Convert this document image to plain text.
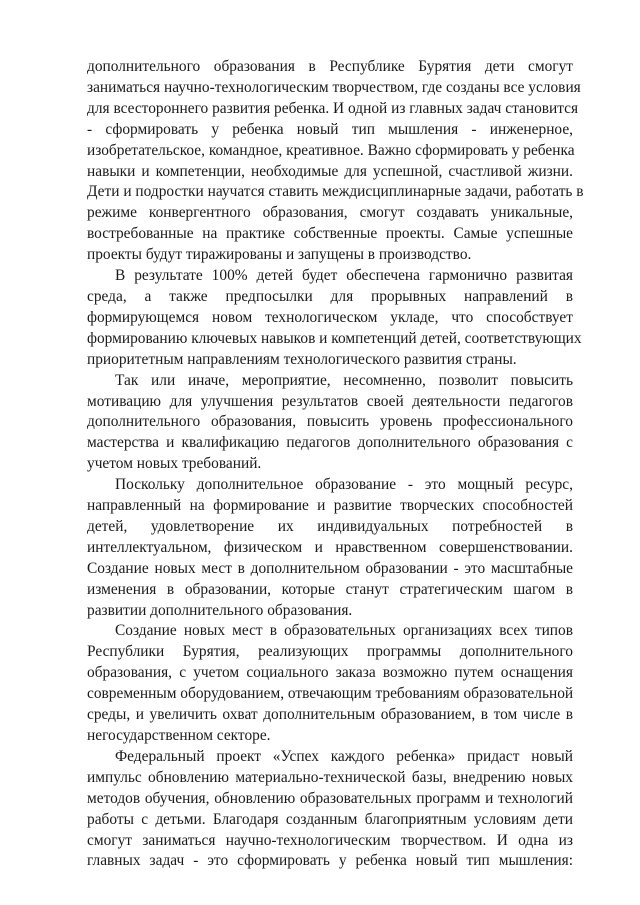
дополнительного образования в Республике Бурятия дети смогут
заниматься научно-технологическим творчеством, где созданы все условия
для всестороннего развития ребенка. И одной из главных задач становится
- сформировать у ребенка новый тип мышления - инженерное,
изобретательское, командное, креативное. Важно сформировать у ребенка
навыки и компетенции, необходимые для успешной, счастливой жизни.
Дети и подростки научатся ставить междисциплинарные задачи, работать в
режиме конвергентного образования, смогут создавать уникальные,
востребованные на практике собственные проекты. Самые успешные
проекты будут тиражированы и запущены в производство.
В результате 100% детей будет обеспечена гармонично развитая
среда, а также предпосылки для прорывных направлений в
формирующемся новом технологическом укладе, что способствует
формированию ключевых навыков и компетенций детей, соответствующих
приоритетным направлениям технологического развития страны.
Так или иначе, мероприятие, несомненно, позволит повысить
мотивацию для улучшения результатов своей деятельности педагогов
дополнительного образования, повысить уровень профессионального
мастерства и квалификацию педагогов дополнительного образования с
учетом новых требований.
Поскольку дополнительное образование - это мощный ресурс,
направленный на формирование и развитие творческих способностей
детей, удовлетворение их индивидуальных потребностей в
интеллектуальном, физическом и нравственном совершенствовании.
Создание новых мест в дополнительном образовании - это масштабные
изменения в образовании, которые станут стратегическим шагом в
развитии дополнительного образования.
Создание новых мест в образовательных организациях всех типов
Республики Бурятия, реализующих программы дополнительного
образования, с учетом социального заказа возможно путем оснащения
современным оборудованием, отвечающим требованиям образовательной
среды, и увеличить охват дополнительным образованием, в том числе в
негосударственном секторе.
Федеральный проект «Успех каждого ребенка» придаст новый
импульс обновлению материально-технической базы, внедрению новых
методов обучения, обновлению образовательных программ и технологий
работы с детьми. Благодаря созданным благоприятным условиям дети
смогут заниматься научно-технологическим творчеством. И одна из
главных задач - это сформировать у ребенка новый тип мышления:
